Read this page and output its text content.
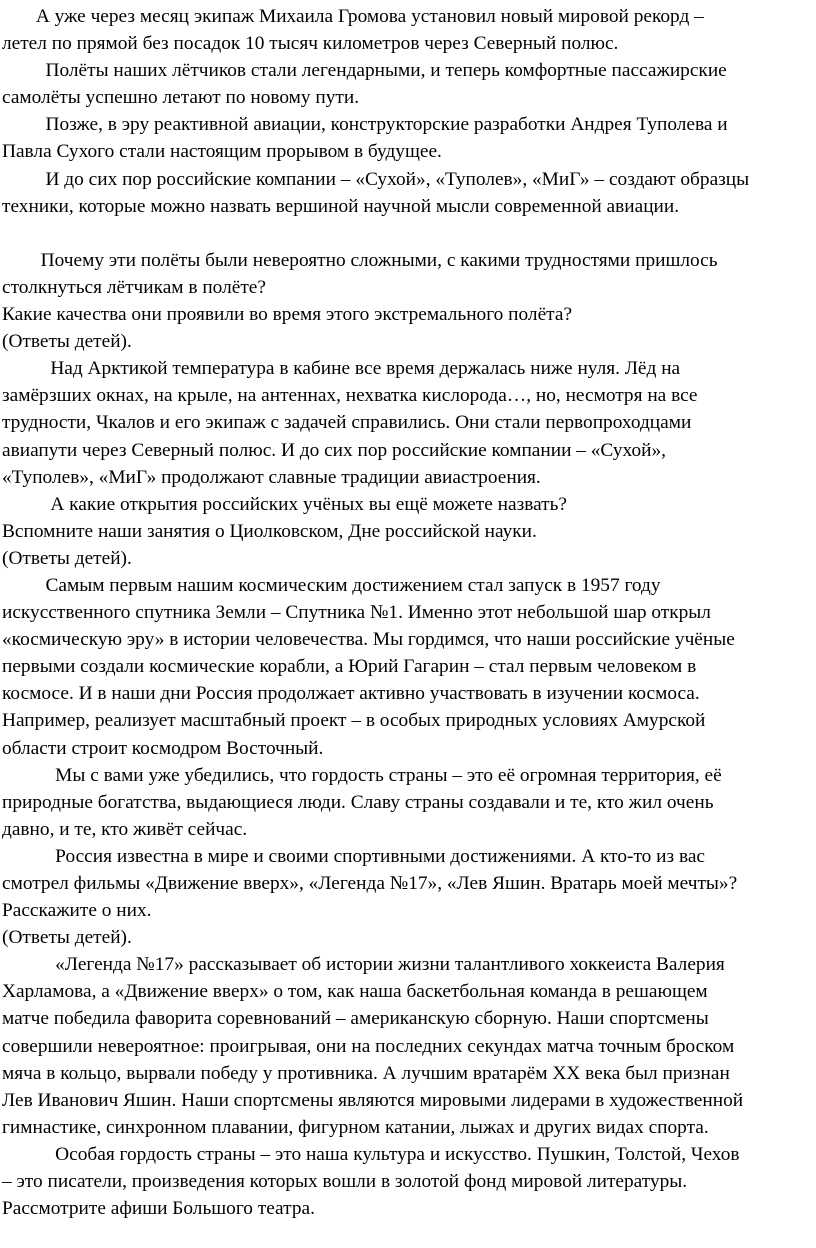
А уже через месяц экипаж Михаила Громова установил новый мировой рекорд –
летел по прямой без посадок 10 тысяч километров через Северный полюс.
Полёты наших лётчиков стали легендарными, и теперь комфортные пассажирские
самолёты успешно летают по новому пути.
Позже, в эру реактивной авиации, конструкторские разработки Андрея Туполева и
Павла Сухого стали настоящим прорывом в будущее.
И до сих пор российские компании – «Сухой», «Туполев», «МиГ» – создают образцы
техники, которые можно назвать вершиной научной мысли современной авиации.
Почему эти полёты были невероятно сложными, с какими трудностями пришлось
столкнуться лётчикам в полёте?
Какие качества они проявили во время этого экстремального полёта?
(Ответы детей).
Над Арктикой температура в кабине все время держалась ниже нуля. Лёд на
замёрзших окнах, на крыле, на антеннах, нехватка кислорода…, но, несмотря на все
трудности, Чкалов и его экипаж с задачей справились. Они стали первопроходцами
авиапути через Северный полюс. И до сих пор российские компании – «Сухой»,
«Туполев», «МиГ» продолжают славные традиции авиастроения.
А какие открытия российских учёных вы ещё можете назвать?
Вспомните наши занятия о Циолковском, Дне российской науки.
(Ответы детей).
Самым первым нашим космическим достижением стал запуск в 1957 году
искусственного спутника Земли – Спутника №1. Именно этот небольшой шар открыл
«космическую эру» в истории человечества. Мы гордимся, что наши российские учёные
первыми создали космические корабли, а Юрий Гагарин – стал первым человеком в
космосе. И в наши дни Россия продолжает активно участвовать в изучении космоса.
Например, реализует масштабный проект – в особых природных условиях Амурской
области строит космодром Восточный.
Мы с вами уже убедились, что гордость страны – это её огромная территория, её
природные богатства, выдающиеся люди. Славу страны создавали и те, кто жил очень
давно, и те, кто живёт сейчас.
Россия известна в мире и своими спортивными достижениями. А кто-то из вас
смотрел фильмы «Движение вверх», «Легенда №17», «Лев Яшин. Вратарь моей мечты»?
Расскажите о них.
(Ответы детей).
«Легенда №17» рассказывает об истории жизни талантливого хоккеиста Валерия
Харламова, а «Движение вверх» о том, как наша баскетбольная команда в решающем
матче победила фаворита соревнований – американскую сборную. Наши спортсмены
совершили невероятное: проигрывая, они на последних секундах матча точным броском
мяча в кольцо, вырвали победу у противника. А лучшим вратарём XX века был признан
Лев Иванович Яшин. Наши спортсмены являются мировыми лидерами в художественной
гимнастике, синхронном плавании, фигурном катании, лыжах и других видах спорта.
Особая гордость страны – это наша культура и искусство. Пушкин, Толстой, Чехов
– это писатели, произведения которых вошли в золотой фонд мировой литературы.
Рассмотрите афиши Большого театра.
